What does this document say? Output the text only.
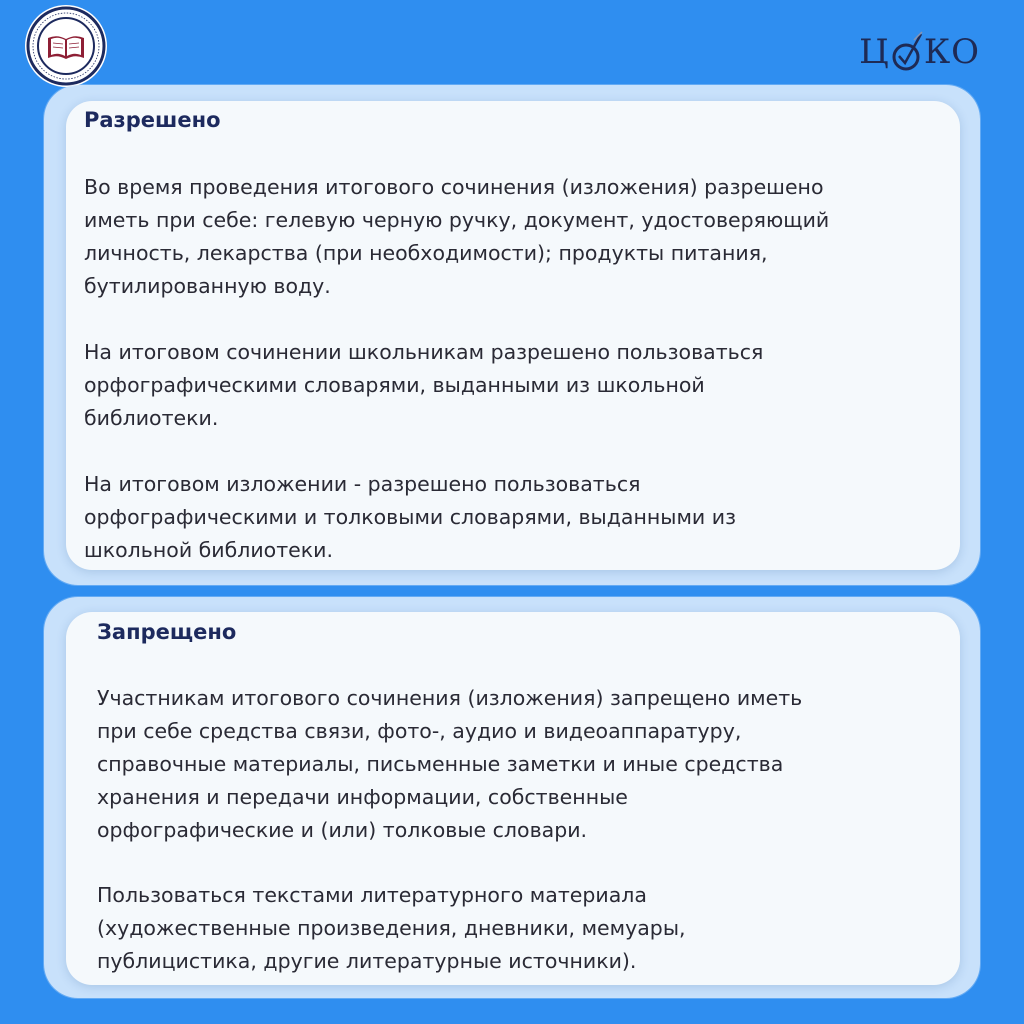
Ц КО
Разрешено

Во время проведения итогового сочинения (изложения) разрешено
иметь при себе: гелевую черную ручку, документ, удостоверяющий
личность, лекарства (при необходимости); продукты питания,
бутилированную воду.

На итоговом сочинении школьникам разрешено пользоваться
орфографическими словарями, выданными из школьной
библиотеки.

На итоговом изложении - разрешено пользоваться
орфографическими и толковыми словарями, выданными из
школьной библиотеки.

Запрещено

Участникам итогового сочинения (изложения) запрещено иметь
при себе средства связи, фото-, аудио и видеоаппаратуру,
справочные материалы, письменные заметки и иные средства
хранения и передачи информации, собственные
орфографические и (или) толковые словари.

Пользоваться текстами литературного материала
(художественные произведения, дневники, мемуары,
публицистика, другие литературные источники).
